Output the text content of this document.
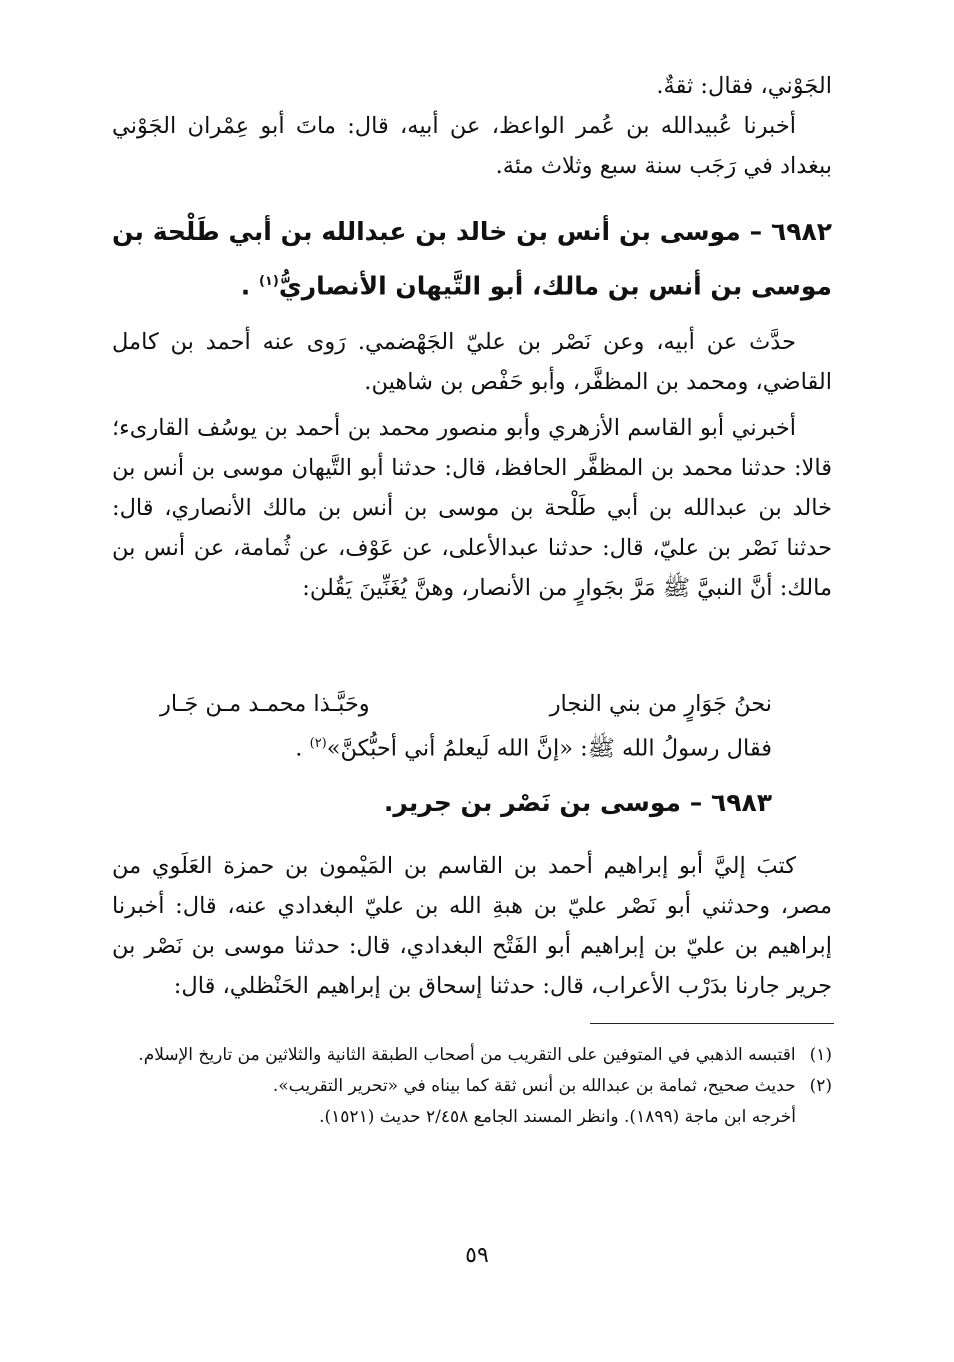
الجَوْني، فقال: ثقةٌ.

أخبرنا عُبيدالله بن عُمر الواعظ، عن أبيه، قال: ماتَ أبو عِمْران الجَوْني ببغداد في رَجَب سنة سبع وثلاث مئة.

٦٩٨٢ – موسى بن أنس بن خالد بن عبدالله بن أبي طَلْحة بن موسى بن أنس بن مالك، أبو التَّيهان الأنصاريُّ$^{(١)}$ .

حدَّث عن أبيه، وعن نَصْر بن عليّ الجَهْضمي. رَوى عنه أحمد بن كامل القاضي، ومحمد بن المظفَّر، وأبو حَفْص بن شاهين.

أخبرني أبو القاسم الأزهري وأبو منصور محمد بن أحمد بن يوسُف القارىء؛ قالا: حدثنا محمد بن المظفَّر الحافظ، قال: حدثنا أبو التَّيهان موسى بن أنس بن خالد بن عبدالله بن أبي طَلْحة بن موسى بن أنس بن مالك الأنصاري، قال: حدثنا نَصْر بن عليّ، قال: حدثنا عبدالأعلى، عن عَوْف، عن ثُمامة، عن أنس بن مالك: أنَّ النبيَّ ﷺ مَرَّ بجَوارٍ من الأنصار، وهنَّ يُغَنِّينَ يَقُلن:

نحنُ جَوَارٍ من بني النجار
وحَبَّـذا محمـد مـن جَـار
فقال رسولُ الله ﷺ: «إنَّ الله لَيعلمُ أني أحبُّكنَّ»$^{(٢)}$ .
٦٩٨٣ – موسى بن نَصْر بن جرير.

كتبَ إليَّ أبو إبراهيم أحمد بن القاسم بن المَيْمون بن حمزة العَلَوي من مصر، وحدثني أبو نَصْر عليّ بن هبةِ الله بن عليّ البغدادي عنه، قال: أخبرنا إبراهيم بن عليّ بن إبراهيم أبو الفَتْح البغدادي، قال: حدثنا موسى بن نَصْر بن جرير جارنا بدَرْب الأعراب، قال: حدثنا إسحاق بن إبراهيم الحَنْظلي، قال:

(١)
اقتبسه الذهبي في المتوفين على التقريب من أصحاب الطبقة الثانية والثلاثين من تاريخ الإسلام.
(٢)
حديث صحيح، ثمامة بن عبدالله بن أنس ثقة كما بيناه في «تحرير التقريب».
أخرجه ابن ماجة (١٨٩٩). وانظر المسند الجامع ٢/٤٥٨ حديث (١٥٢١).
٥٩
